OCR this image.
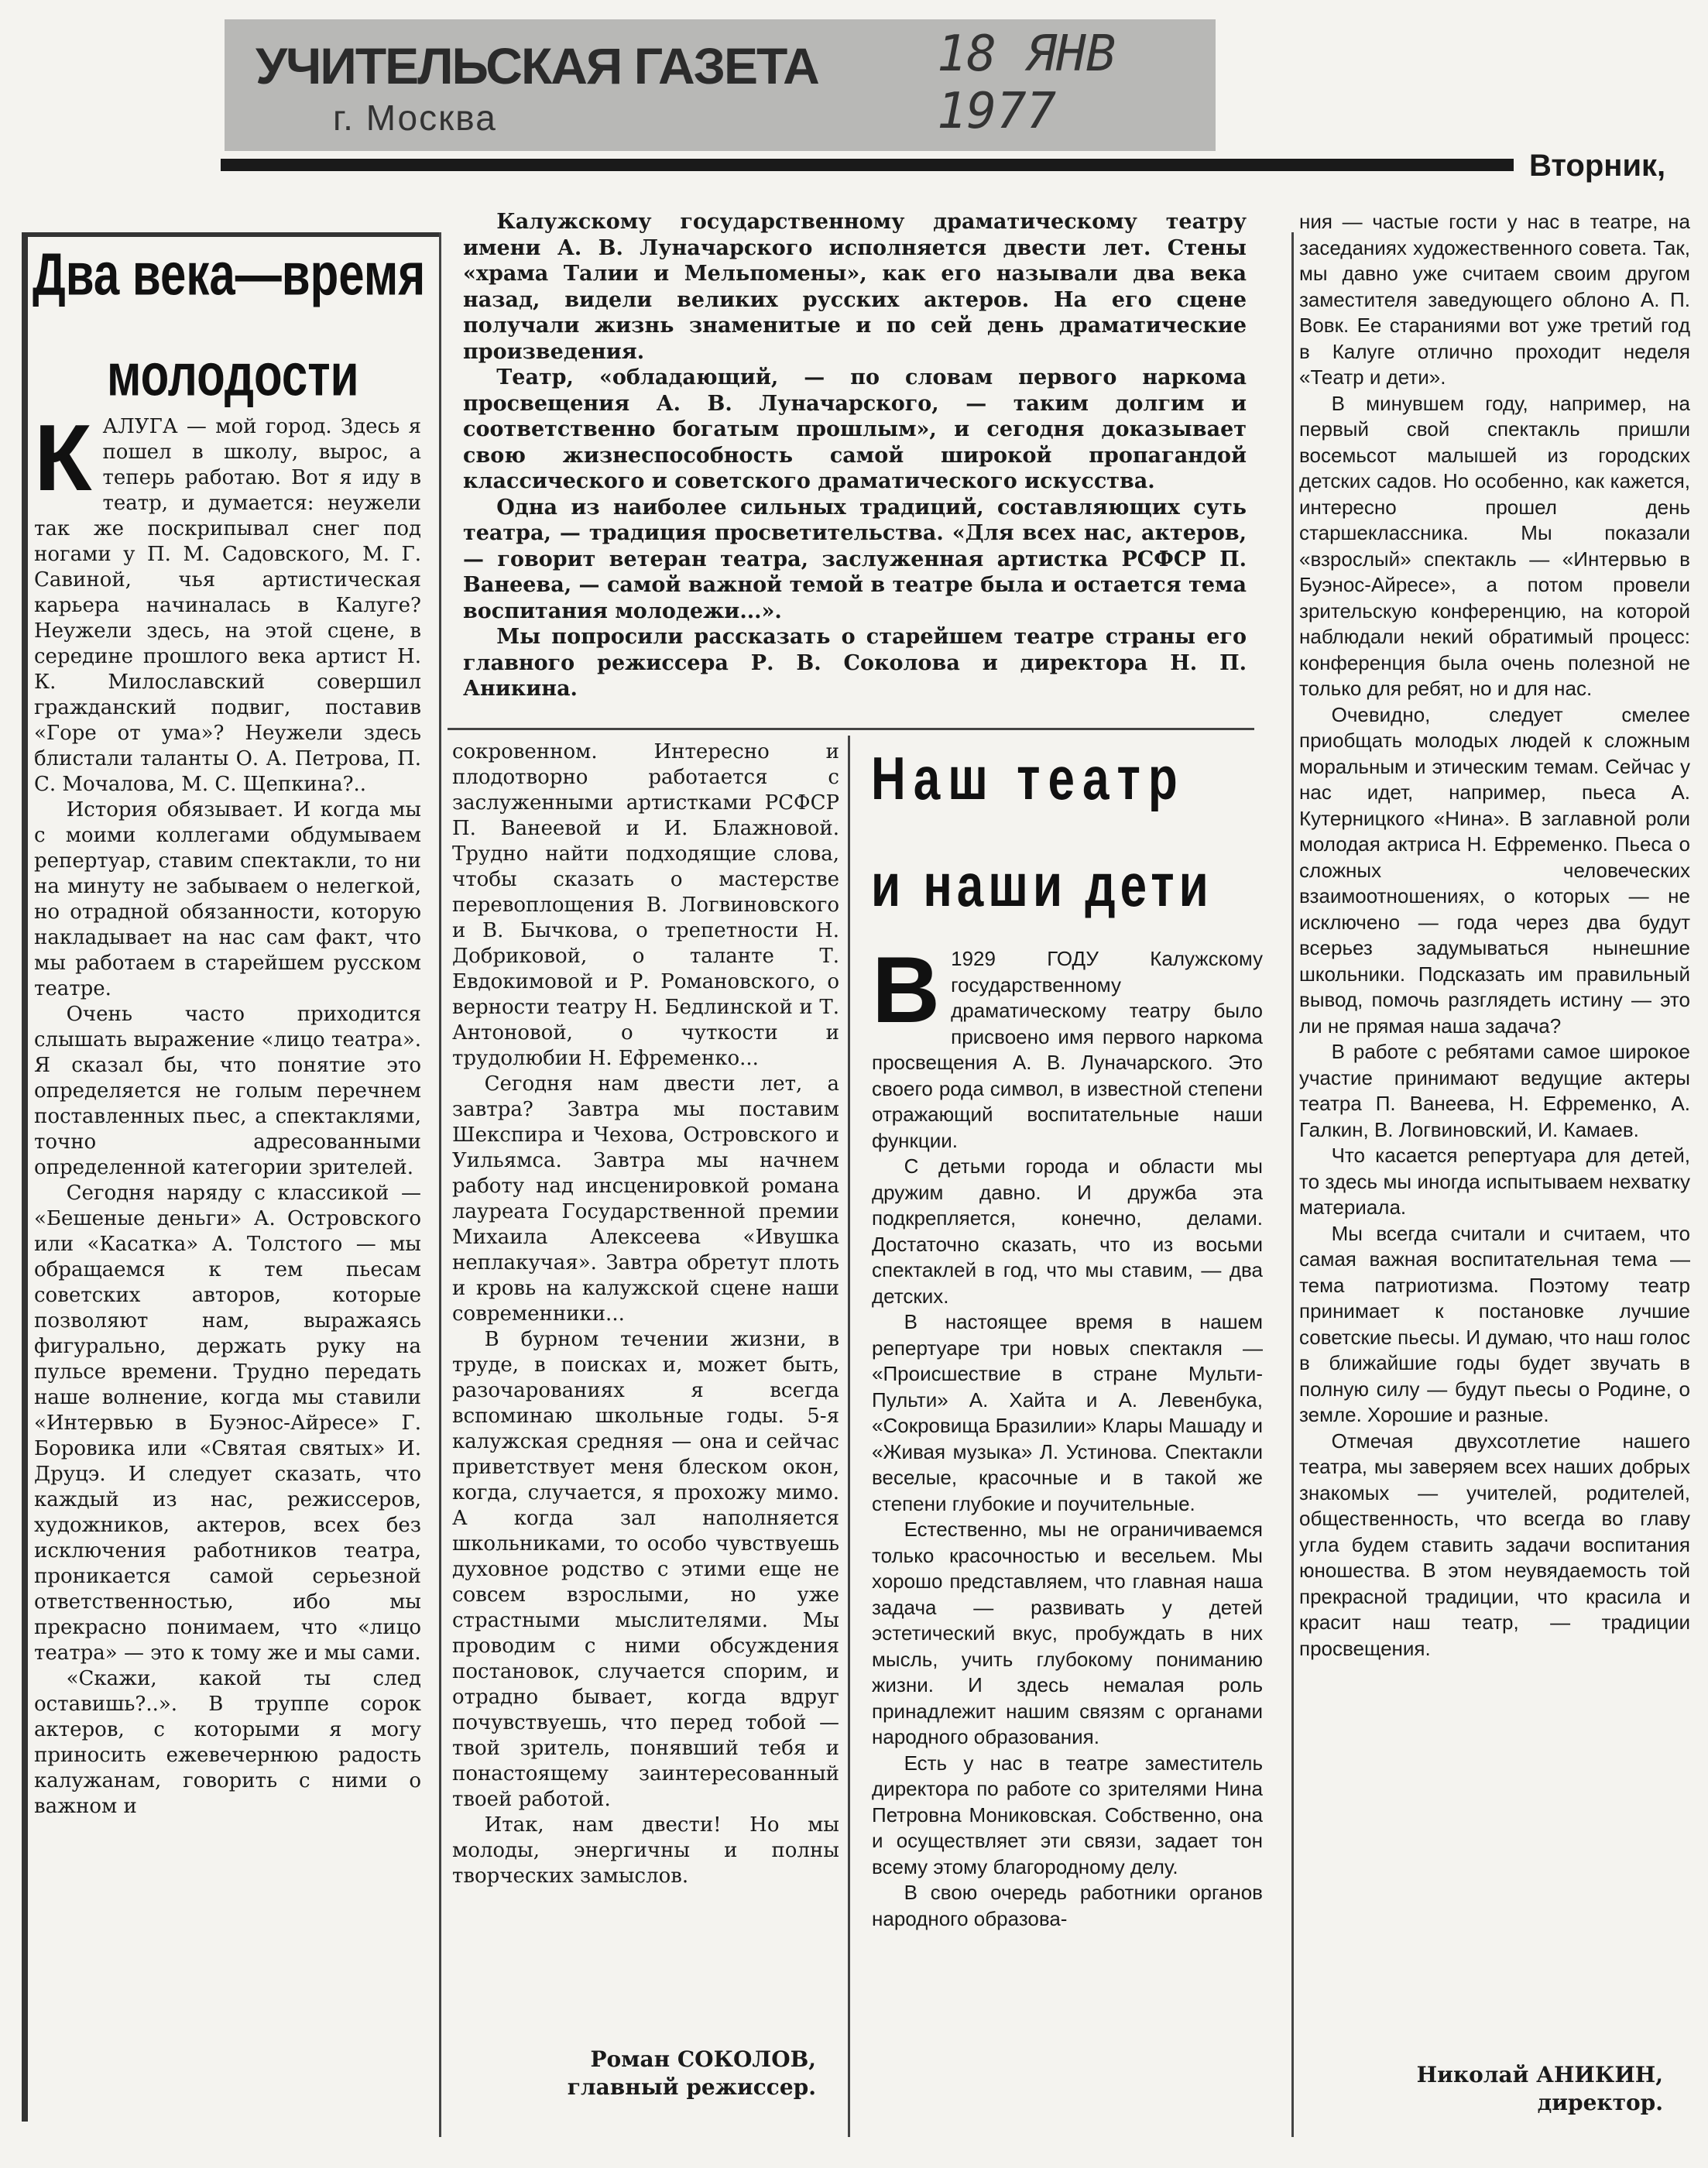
УЧИТЕЛЬСКАЯ ГАЗЕТА
г. Москва
18 ЯНВ 1977
Вторник,
Два века—время
молодости

К АЛУГА — мой город. Здесь я пошел в школу, вырос, а теперь работаю. Вот я иду в театр, и думается: неужели так же поскрипывал снег под ногами у П. М. Садовского, М. Г. Савиной, чья артистическая карьера начиналась в Калуге? Неужели здесь, на этой сцене, в середине прошлого века артист Н. К. Милославский совершил гражданский подвиг, поставив «Горе от ума»? Неужели здесь блистали таланты О. А. Петрова, П. С. Мочалова, М. С. Щепкина?..

История обязывает. И когда мы с моими коллегами обдумываем репертуар, ставим спектакли, то ни на минуту не забываем о нелегкой, но отрадной обязанности, которую накладывает на нас сам факт, что мы работаем в старейшем русском театре.

Очень часто приходится слышать выражение «лицо театра». Я сказал бы, что понятие это определяется не голым перечнем поставленных пьес, а спектаклями, точно адресованными определенной категории зрителей.

Сегодня наряду с классикой — «Бешеные деньги» А. Островского или «Касатка» А. Толстого — мы обращаемся к тем пьесам советских авторов, которые позволяют нам, выражаясь фигурально, держать руку на пульсе времени. Трудно передать наше волнение, когда мы ставили «Интервью в Буэнос-Айресе» Г. Боровика или «Святая святых» И. Друцэ. И следует сказать, что каждый из нас, режиссеров, художников, актеров, всех без исключения работников театра, проникается самой серьезной ответственностью, ибо мы прекрасно понимаем, что «лицо театра» — это к тому же и мы сами.

«Скажи, какой ты след оставишь?..». В труппе сорок актеров, с которыми я могу приносить ежевечернюю радость калужанам, говорить с ними о важном и

Калужскому государственному драматическому театру имени А. В. Луначарского исполняется двести лет. Стены «храма Талии и Мельпомены», как его называли два века назад, видели великих русских актеров. На его сцене получали жизнь знаменитые и по сей день драматические произведения.

Театр, «обладающий, — по словам первого наркома просвещения А. В. Луначарского, — таким долгим и соответственно богатым прошлым», и сегодня доказывает свою жизнеспособность самой широкой пропагандой классического и советского драматического искусства.

Одна из наиболее сильных традиций, составляющих суть театра, — традиция просветительства. «Для всех нас, актеров, — говорит ветеран театра, заслуженная артистка РСФСР П. Ванеева, — самой важной темой в театре была и остается тема воспитания молодежи...».

Мы попросили рассказать о старейшем театре страны его главного режиссера Р. В. Соколова и директора Н. П. Аникина.

сокровенном. Интересно и плодотворно работается с заслуженными артистками РСФСР П. Ванеевой и И. Блажновой. Трудно найти подходящие слова, чтобы сказать о мастерстве перевоплощения В. Логвиновского и В. Бычкова, о трепетности Н. Добриковой, о таланте Т. Евдокимовой и Р. Романовского, о верности театру Н. Бедлинской и Т. Антоновой, о чуткости и трудолюбии Н. Ефременко...

Сегодня нам двести лет, а завтра? Завтра мы поставим Шекспира и Чехова, Островского и Уильямса. Завтра мы начнем работу над инсценировкой романа лауреата Государственной премии Михаила Алексеева «Ивушка неплакучая». Завтра обретут плоть и кровь на калужской сцене наши современники...

В бурном течении жизни, в труде, в поисках и, может быть, разочарованиях я всегда вспоминаю школьные годы. 5-я калужская средняя — она и сейчас приветствует меня блеском окон, когда, случается, я прохожу мимо. А когда зал наполняется школьниками, то особо чувствуешь духовное родство с этими еще не совсем взрослыми, но уже страстными мыслителями. Мы проводим с ними обсуждения постановок, случается спорим, и отрадно бывает, когда вдруг почувствуешь, что перед тобой — твой зритель, понявший тебя и понастоящему заинтересованный твоей работой.

Итак, нам двести! Но мы молоды, энергичны и полны творческих замыслов.

Роман СОКОЛОВ,
главный режиссер.
Наш театр
и наши дети

В 1929 ГОДУ Калужскому государственному драматическому театру было присвоено имя первого наркома просвещения А. В. Луначарского. Это своего рода символ, в известной степени отражающий воспитательные наши функции.

С детьми города и области мы дружим давно. И дружба эта подкрепляется, конечно, делами. Достаточно сказать, что из восьми спектаклей в год, что мы ставим, — два детских.

В настоящее время в нашем репертуаре три новых спектакля — «Происшествие в стране Мульти-Пульти» А. Хайта и А. Левенбука, «Сокровища Бразилии» Клары Машаду и «Живая музыка» Л. Устинова. Спектакли веселые, красочные и в такой же степени глубокие и поучительные.

Естественно, мы не ограничиваемся только красочностью и весельем. Мы хорошо представляем, что главная наша задача — развивать у детей эстетический вкус, пробуждать в них мысль, учить глубокому пониманию жизни. И здесь немалая роль принадлежит нашим связям с органами народного образования.

Есть у нас в театре заместитель директора по работе со зрителями Нина Петровна Мониковская. Собственно, она и осуществляет эти связи, задает тон всему этому благородному делу.

В свою очередь работники органов народного образова-

ния — частые гости у нас в театре, на заседаниях художественного совета. Так, мы давно уже считаем своим другом заместителя заведующего облоно А. П. Вовк. Ее стараниями вот уже третий год в Калуге отлично проходит неделя «Театр и дети».

В минувшем году, например, на первый свой спектакль пришли восемьсот малышей из городских детских садов. Но особенно, как кажется, интересно прошел день старшеклассника. Мы показали «взрослый» спектакль — «Интервью в Буэнос-Айресе», а потом провели зрительскую конференцию, на которой наблюдали некий обратимый процесс: конференция была очень полезной не только для ребят, но и для нас.

Очевидно, следует смелее приобщать молодых людей к сложным моральным и этическим темам. Сейчас у нас идет, например, пьеса А. Кутерницкого «Нина». В заглавной роли молодая актриса Н. Ефременко. Пьеса о сложных человеческих взаимоотношениях, о которых — не исключено — года через два будут всерьез задумываться нынешние школьники. Подсказать им правильный вывод, помочь разглядеть истину — это ли не прямая наша задача?

В работе с ребятами самое широкое участие принимают ведущие актеры театра П. Ванеева, Н. Ефременко, А. Галкин, В. Логвиновский, И. Камаев.

Что касается репертуара для детей, то здесь мы иногда испытываем нехватку материала.

Мы всегда считали и считаем, что самая важная воспитательная тема — тема патриотизма. Поэтому театр принимает к постановке лучшие советские пьесы. И думаю, что наш голос в ближайшие годы будет звучать в полную силу — будут пьесы о Родине, о земле. Хорошие и разные.

Отмечая двухсотлетие нашего театра, мы заверяем всех наших добрых знакомых — учителей, родителей, общественность, что всегда во главу угла будем ставить задачи воспитания юношества. В этом неувядаемость той прекрасной традиции, что красила и красит наш театр, — традиции просвещения.

Николай АНИКИН,
директор.
